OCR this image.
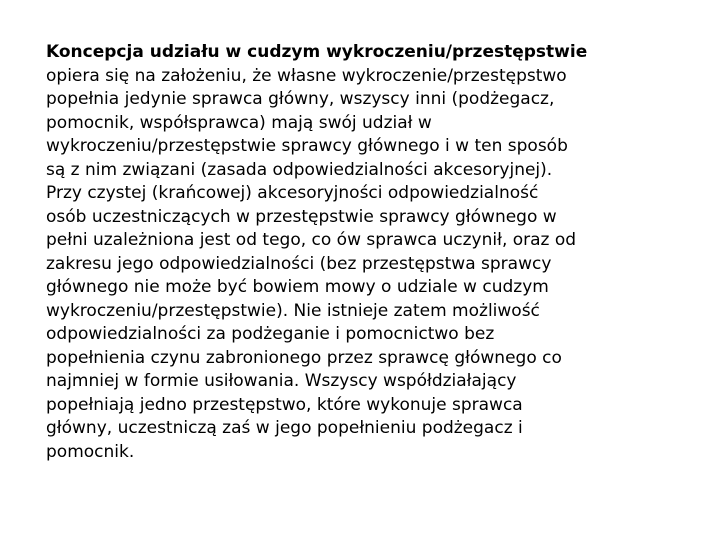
Koncepcja udziału w cudzym wykroczeniu/przestępstwie
opiera się na założeniu, że własne wykroczenie/przestępstwo
popełnia jedynie sprawca główny, wszyscy inni (podżegacz,
pomocnik, współsprawca) mają swój udział w
wykroczeniu/przestępstwie sprawcy głównego i w ten sposób
są z nim związani (zasada odpowiedzialności akcesoryjnej).
Przy czystej (krańcowej) akcesoryjności odpowiedzialność
osób uczestniczących w przestępstwie sprawcy głównego w
pełni uzależniona jest od tego, co ów sprawca uczynił, oraz od
zakresu jego odpowiedzialności (bez przestępstwa sprawcy
głównego nie może być bowiem mowy o udziale w cudzym
wykroczeniu/przestępstwie). Nie istnieje zatem możliwość
odpowiedzialności za podżeganie i pomocnictwo bez
popełnienia czynu zabronionego przez sprawcę głównego co
najmniej w formie usiłowania. Wszyscy współdziałający
popełniają jedno przestępstwo, które wykonuje sprawca
główny, uczestniczą zaś w jego popełnieniu podżegacz i
pomocnik.
